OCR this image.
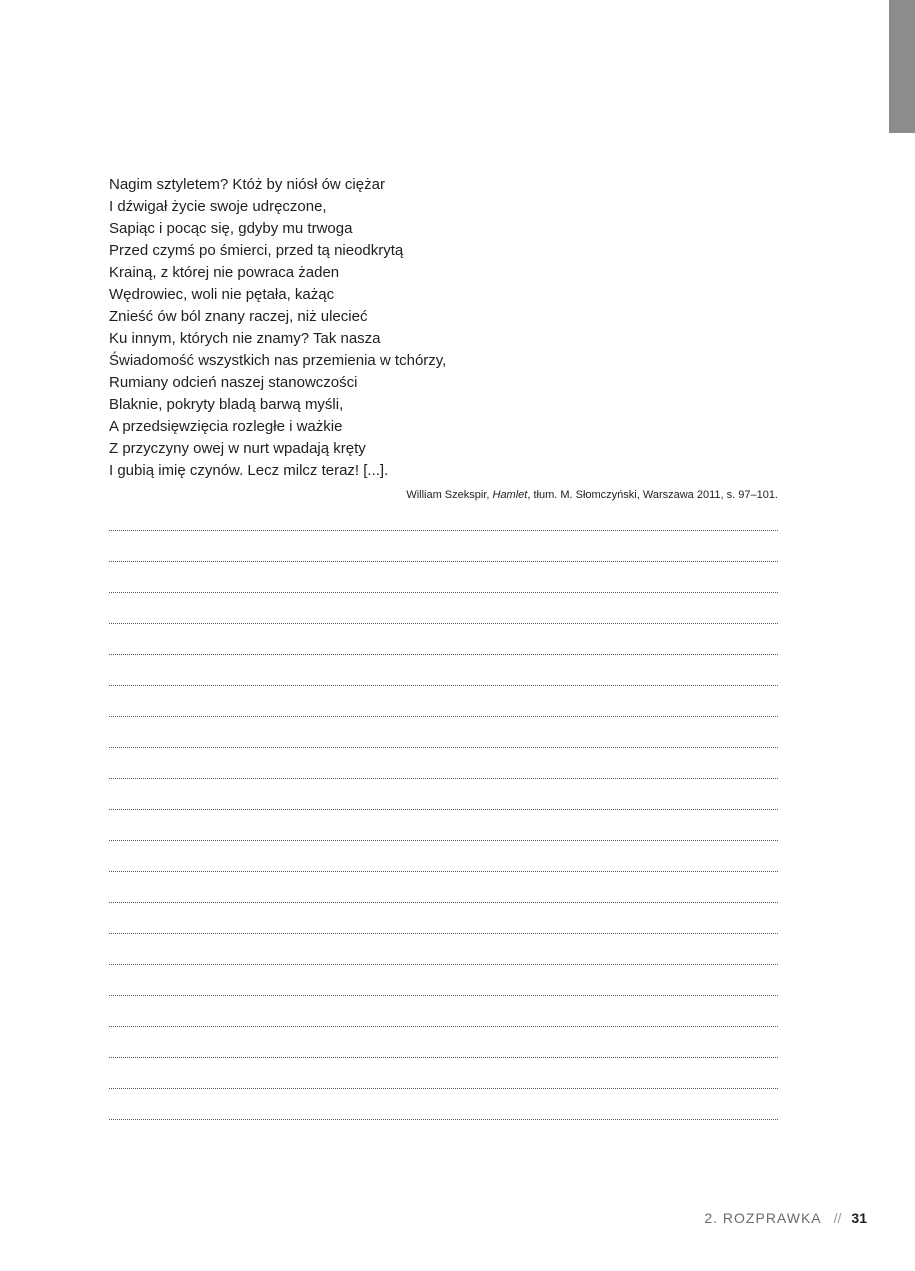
Nagim sztyletem? Któż by niósł ów ciężar
I dźwigał życie swoje udręczone,
Sapiąc i pocąc się, gdyby mu trwoga
Przed czymś po śmierci, przed tą nieodkrytą
Krainą, z której nie powraca żaden
Wędrowiec, woli nie pętała, każąc
Znieść ów ból znany raczej, niż ulecieć
Ku innym, których nie znamy? Tak nasza
Świadomość wszystkich nas przemienia w tchórzy,
Rumiany odcień naszej stanowczości
Blaknie, pokryty bladą barwą myśli,
A przedsięwzięcia rozległe i ważkie
Z przyczyny owej w nurt wpadają kręty
I gubią imię czynów. Lecz milcz teraz! [...].
William Szekspir, Hamlet, tłum. M. Słomczyński, Warszawa 2011, s. 97–101.
2. ROZPRAWKA // 31
